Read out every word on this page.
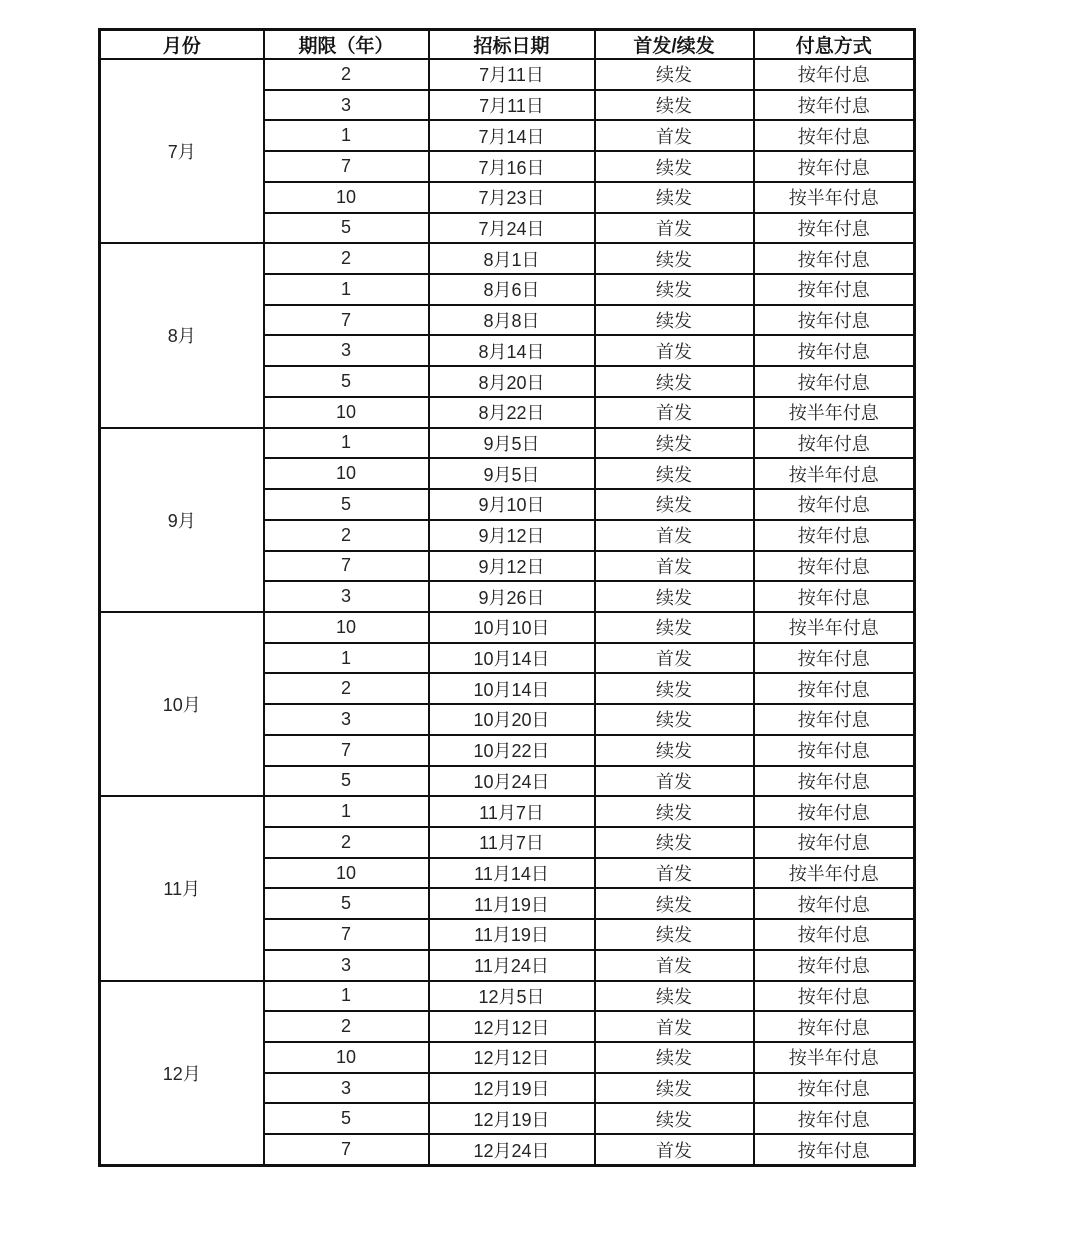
月份	期限（年）	招标日期	首发/续发	付息方式
7月	2	7月11日	续发	按年付息
	3	7月11日	续发	按年付息
	1	7月14日	首发	按年付息
	7	7月16日	续发	按年付息
	10	7月23日	续发	按半年付息
	5	7月24日	首发	按年付息
8月	2	8月1日	续发	按年付息
	1	8月6日	续发	按年付息
	7	8月8日	续发	按年付息
	3	8月14日	首发	按年付息
	5	8月20日	续发	按年付息
	10	8月22日	首发	按半年付息
9月	1	9月5日	续发	按年付息
	10	9月5日	续发	按半年付息
	5	9月10日	续发	按年付息
	2	9月12日	首发	按年付息
	7	9月12日	首发	按年付息
	3	9月26日	续发	按年付息
10月	10	10月10日	续发	按半年付息
	1	10月14日	首发	按年付息
	2	10月14日	续发	按年付息
	3	10月20日	续发	按年付息
	7	10月22日	续发	按年付息
	5	10月24日	首发	按年付息
11月	1	11月7日	续发	按年付息
	2	11月7日	续发	按年付息
	10	11月14日	首发	按半年付息
	5	11月19日	续发	按年付息
	7	11月19日	续发	按年付息
	3	11月24日	首发	按年付息
12月	1	12月5日	续发	按年付息
	2	12月12日	首发	按年付息
	10	12月12日	续发	按半年付息
	3	12月19日	续发	按年付息
	5	12月19日	续发	按年付息
	7	12月24日	首发	按年付息
